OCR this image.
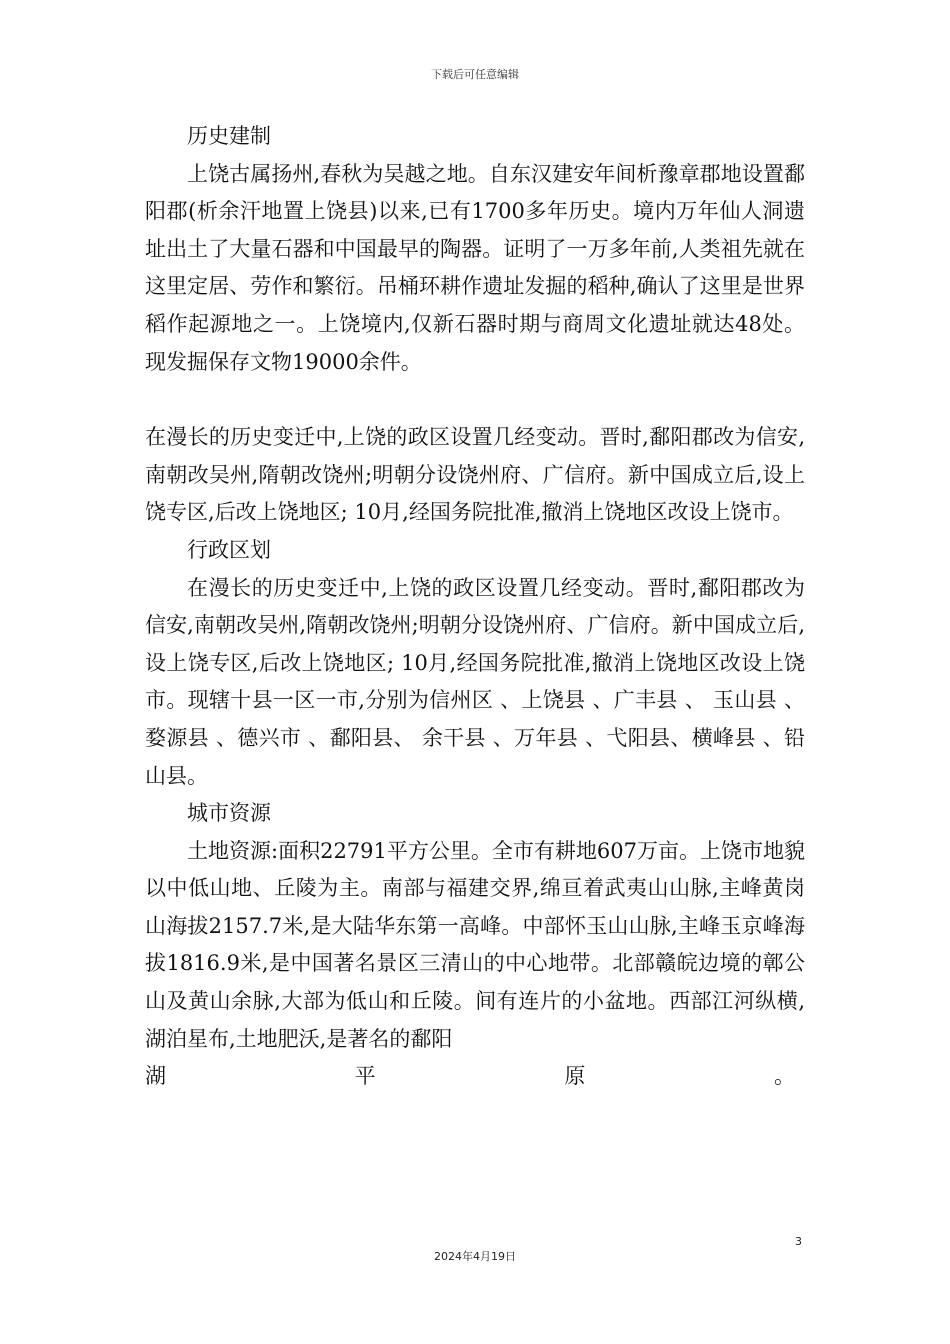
下载后可任意编辑

历史建制

上饶古属扬州,春秋为吴越之地。自东汉建安年间析豫章郡地设置鄱阳郡(析余汗地置上饶县)以来,已有1700多年历史。境内万年仙人洞遗址出土了大量石器和中国最早的陶器。证明了一万多年前,人类祖先就在这里定居、劳作和繁衍。吊桶环耕作遗址发掘的稻种,确认了这里是世界稻作起源地之一。上饶境内,仅新石器时期与商周文化遗址就达48处。现发掘保存文物19000余件。

在漫长的历史变迁中,上饶的政区设置几经变动。晋时,鄱阳郡改为信安,南朝改吴州,隋朝改饶州;明朝分设饶州府、广信府。新中国成立后,设上饶专区,后改上饶地区; 10月,经国务院批准,撤消上饶地区改设上饶市。

行政区划

在漫长的历史变迁中,上饶的政区设置几经变动。晋时,鄱阳郡改为信安,南朝改吴州,隋朝改饶州;明朝分设饶州府、广信府。新中国成立后,设上饶专区,后改上饶地区; 10月,经国务院批准,撤消上饶地区改设上饶市。现辖十县一区一市,分别为信州区 、上饶县 、广丰县 、 玉山县 、婺源县 、德兴市 、鄱阳县、 余干县 、万年县 、弋阳县、横峰县 、铅山县。

城市资源

土地资源:面积22791平方公里。全市有耕地607万亩。上饶市地貌以中低山地、丘陵为主。南部与福建交界,绵亘着武夷山山脉,主峰黄岗山海拔2157.7米,是大陆华东第一高峰。中部怀玉山山脉,主峰玉京峰海拔1816.9米,是中国著名景区三清山的中心地带。北部赣皖边境的鄣公山及黄山余脉,大部为低山和丘陵。间有连片的小盆地。西部江河纵横,湖泊星布,土地肥沃,是著名的鄱阳

湖	平	原	。
3
2024年4月19日
